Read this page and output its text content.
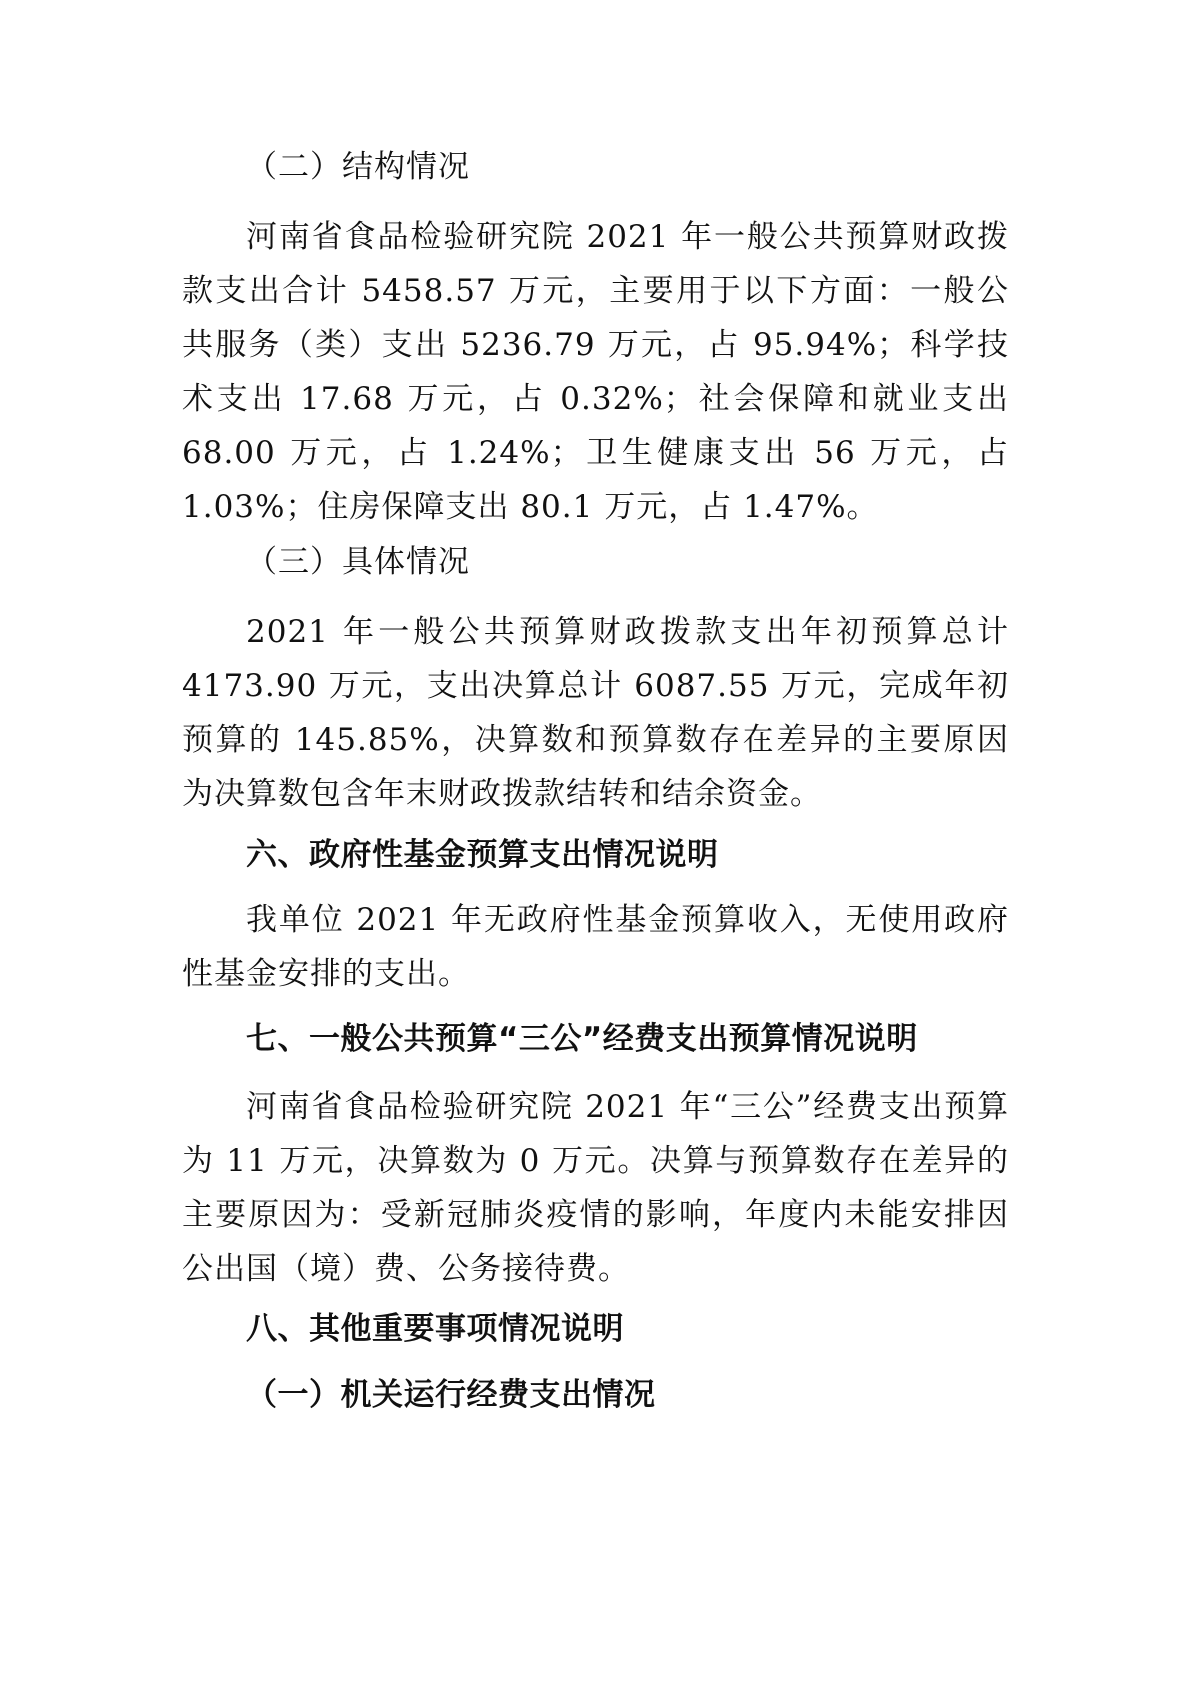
（二）结构情况

河南省食品检验研究院 2021 年一般公共预算财政拨款支出合计 5458.57 万元，主要用于以下方面：一般公共服务（类）支出 5236.79 万元，占 95.94%；科学技术支出 17.68 万元，占 0.32%；社会保障和就业支出 68.00 万元，占 1.24%；卫生健康支出 56 万元，占 1.03%；住房保障支出 80.1 万元，占 1.47%。

（三）具体情况

2021 年一般公共预算财政拨款支出年初预算总计 4173.90 万元，支出决算总计 6087.55 万元，完成年初预算的 145.85%，决算数和预算数存在差异的主要原因为决算数包含年末财政拨款结转和结余资金。

六、政府性基金预算支出情况说明

我单位 2021 年无政府性基金预算收入，无使用政府性基金安排的支出。

七、一般公共预算“三公”经费支出预算情况说明

河南省食品检验研究院 2021 年“三公”经费支出预算为 11 万元，决算数为 0 万元。决算与预算数存在差异的主要原因为：受新冠肺炎疫情的影响，年度内未能安排因公出国（境）费、公务接待费。

八、其他重要事项情况说明

（一）机关运行经费支出情况
